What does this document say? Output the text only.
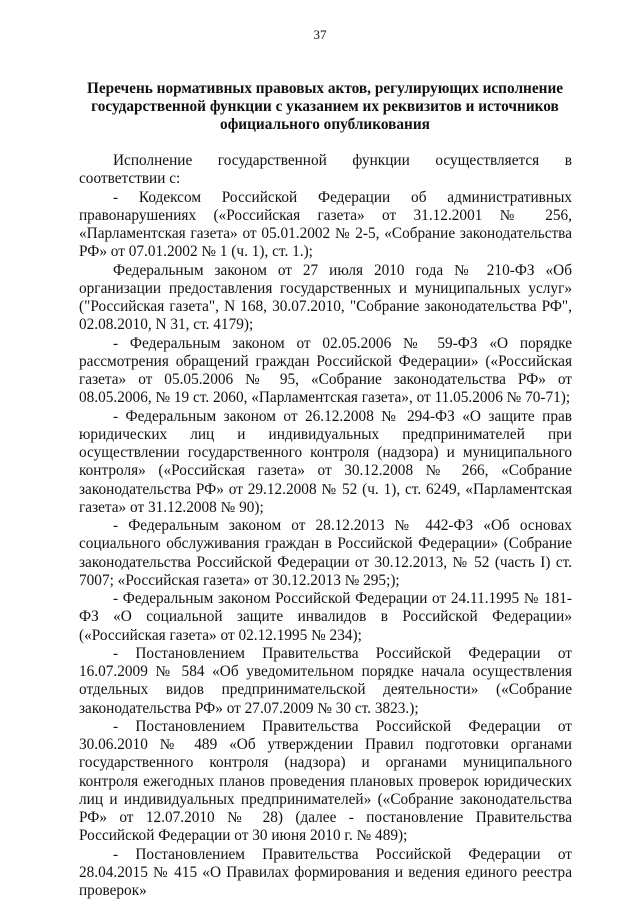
37
Перечень нормативных правовых актов, регулирующих исполнение государственной функции с указанием их реквизитов и источников официального опубликования

Исполнение государственной функции осуществляется в соответствии с:

- Кодексом Российской Федерации об административных правонарушениях («Российская газета» от 31.12.2001 № 256, «Парламентская газета» от 05.01.2002 № 2-5, «Собрание законодательства РФ» от 07.01.2002 № 1 (ч. 1), ст. 1.);

Федеральным законом от 27 июля 2010 года № 210-ФЗ «Об организации предоставления государственных и муниципальных услуг» ("Российская газета", N 168, 30.07.2010, "Собрание законодательства РФ", 02.08.2010, N 31, ст. 4179);

- Федеральным законом от 02.05.2006 № 59-ФЗ «О порядке рассмотрения обращений граждан Российской Федерации» («Российская газета» от 05.05.2006 № 95, «Собрание законодательства РФ» от 08.05.2006, № 19 ст. 2060, «Парламентская газета», от 11.05.2006 № 70-71);

- Федеральным законом от 26.12.2008 № 294-ФЗ «О защите прав юридических лиц и индивидуальных предпринимателей при осуществлении государственного контроля (надзора) и муниципального контроля» («Российская газета» от 30.12.2008 № 266, «Собрание законодательства РФ» от 29.12.2008 № 52 (ч. 1), ст. 6249, «Парламентская газета» от 31.12.2008 № 90);

- Федеральным законом от 28.12.2013 № 442-ФЗ «Об основах социального обслуживания граждан в Российской Федерации» (Собрание законодательства Российской Федерации от 30.12.2013, № 52 (часть I) ст. 7007; «Российская газета» от 30.12.2013 № 295;);

- Федеральным законом Российской Федерации от 24.11.1995 № 181-ФЗ «О социальной защите инвалидов в Российской Федерации» («Российская газета» от 02.12.1995 № 234);

- Постановлением Правительства Российской Федерации от 16.07.2009 № 584 «Об уведомительном порядке начала осуществления отдельных видов предпринимательской деятельности» («Собрание законодательства РФ» от 27.07.2009 № 30 ст. 3823.);

- Постановлением Правительства Российской Федерации от 30.06.2010 № 489 «Об утверждении Правил подготовки органами государственного контроля (надзора) и органами муниципального контроля ежегодных планов проведения плановых проверок юридических лиц и индивидуальных предпринимателей» («Собрание законодательства РФ» от 12.07.2010 № 28) (далее - постановление Правительства Российской Федерации от 30 июня 2010 г. № 489);

- Постановлением Правительства Российской Федерации от 28.04.2015 № 415 «О Правилах формирования и ведения единого реестра проверок»
